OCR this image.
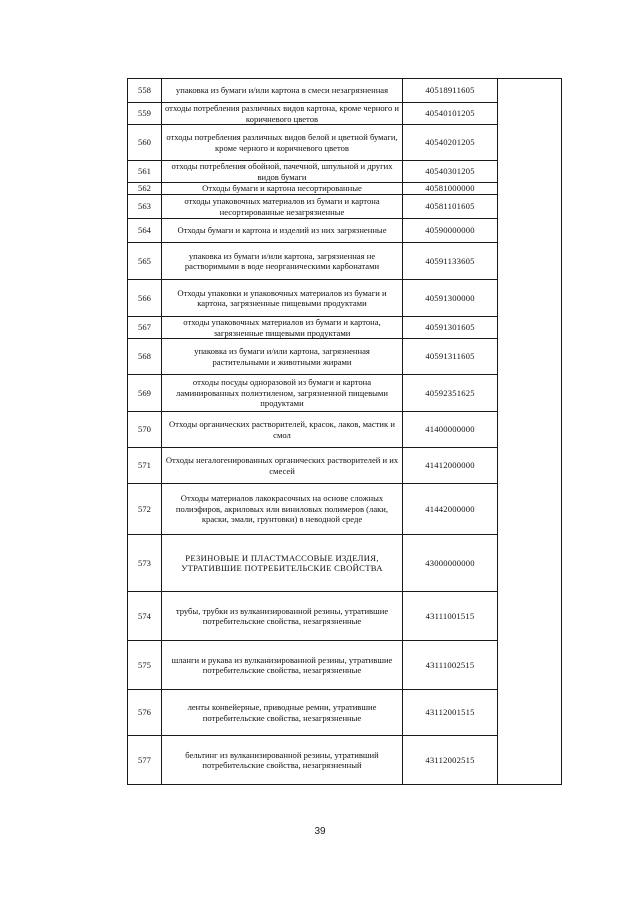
558	упаковка из бумаги и/или картона в смеси незагрязненная	40518911605	
559	отходы потребления различных видов картона, кроме черного и коричневого цветов	40540101205	
560	отходы потребления различных видов белой и цветной бумаги, кроме черного и коричневого цветов	40540201205	
561	отходы потребления обойной, пачечной, шпульной и других видов бумаги	40540301205	
562	Отходы бумаги и картона несортированные	40581000000	
563	отходы упаковочных материалов из бумаги и картона несортированные незагрязненные	40581101605	
564	Отходы бумаги и картона и изделий из них загрязненные	40590000000	
565	упаковка из бумаги и/или картона, загрязненная не растворимыми в воде неорганическими карбонатами	40591133605	
566	Отходы упаковки и упаковочных материалов из бумаги и картона, загрязненные пищевыми продуктами	40591300000	
567	отходы упаковочных материалов из бумаги и картона, загрязненные пищевыми продуктами	40591301605	
568	упаковка из бумаги и/или картона, загрязненная растительными и животными жирами	40591311605	
569	отходы посуды одноразовой из бумаги и картона ламинированных полиэтиленом, загрязненной пищевыми продуктами	40592351625	
570	Отходы органических растворителей, красок, лаков, мастик и смол	41400000000	
571	Отходы негалогенированных органических растворителей и их смесей	41412000000	
572	Отходы материалов лакокрасочных на основе сложных полиэфиров, акриловых или виниловых полимеров (лаки, краски, эмали, грунтовки) в неводной среде	41442000000	
573	РЕЗИНОВЫЕ И ПЛАСТМАССОВЫЕ ИЗДЕЛИЯ, УТРАТИВШИЕ ПОТРЕБИТЕЛЬСКИЕ СВОЙСТВА	43000000000	
574	трубы, трубки из вулканизированной резины, утратившие потребительские свойства, незагрязненные	43111001515	
575	шланги и рукава из вулканизированной резины, утратившие потребительские свойства, незагрязненные	43111002515	
576	ленты конвейерные, приводные ремни, утратившие потребительские свойства, незагрязненные	43112001515	
577	бельтинг из вулканизированной резины, утративший потребительские свойства, незагрязненный	43112002515	
39
